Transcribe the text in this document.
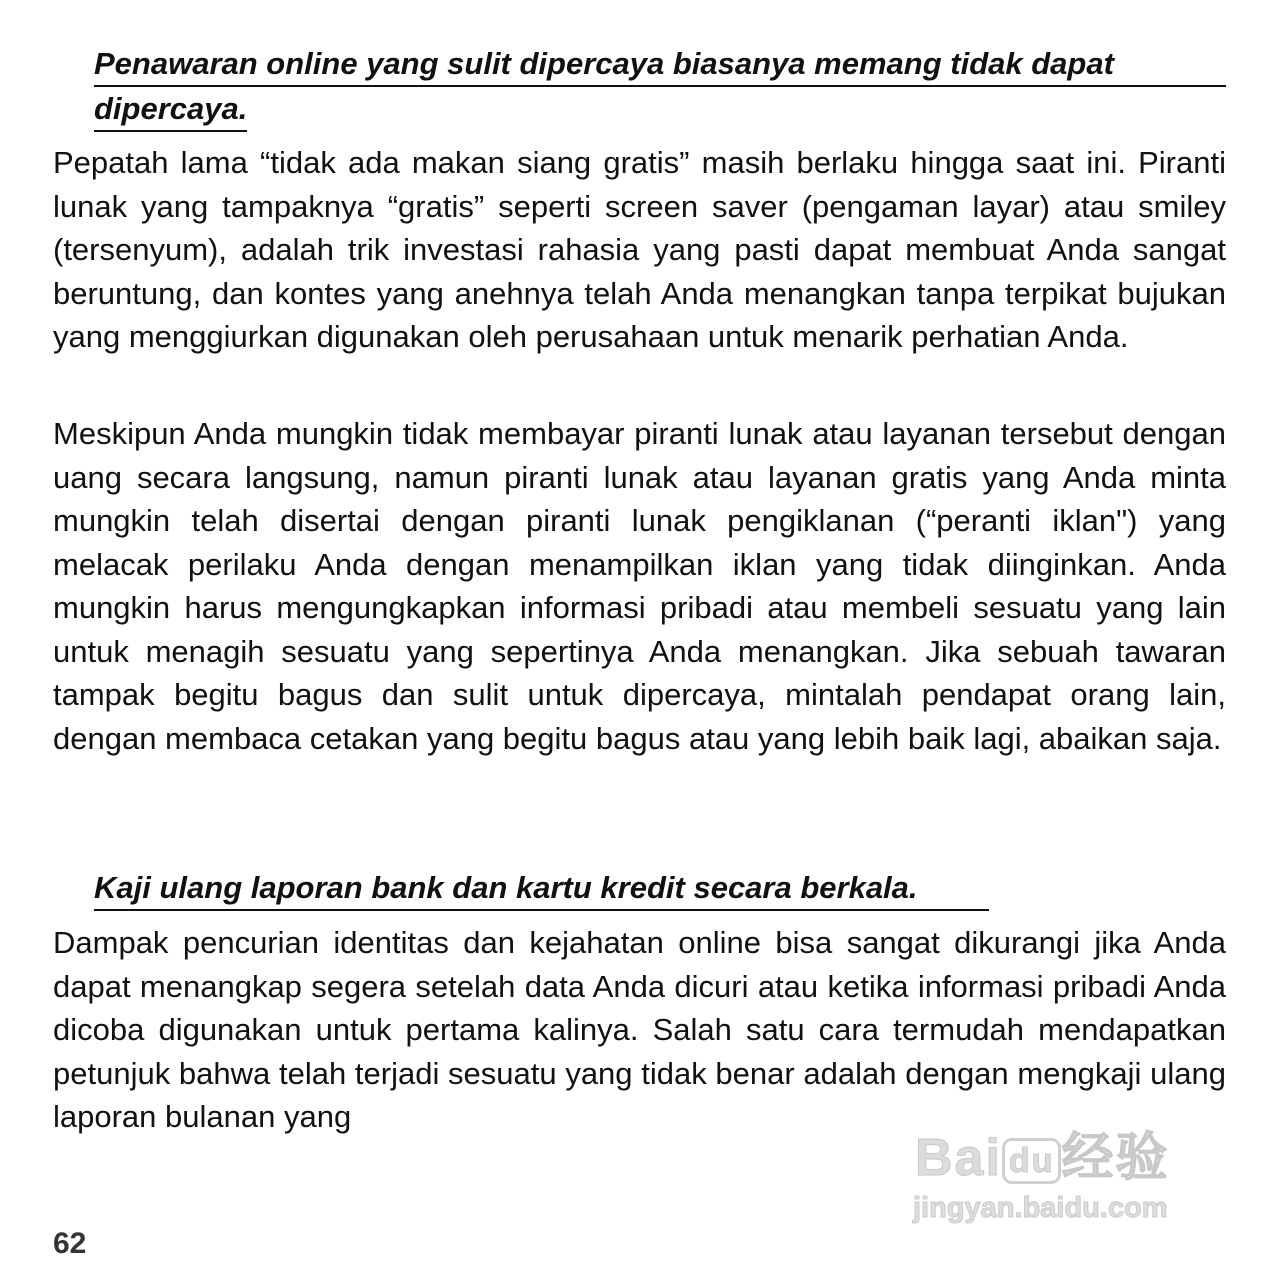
Penawaran online yang sulit dipercaya biasanya memang tidak dapat
dipercaya.

Pepatah lama “tidak ada makan siang gratis” masih berlaku hingga saat ini. Piranti lunak yang tampaknya “gratis” seperti screen saver (pengaman layar) atau smiley (tersenyum), adalah trik investasi rahasia yang pasti dapat membuat Anda sangat beruntung, dan kontes yang anehnya telah Anda menangkan tanpa terpikat bujukan yang menggiurkan digunakan oleh perusahaan untuk menarik perhatian Anda.

Meskipun Anda mungkin tidak membayar piranti lunak atau layanan tersebut dengan uang secara langsung, namun piranti lunak atau layanan gratis yang Anda minta mungkin telah disertai dengan piranti lunak pengiklanan (“peranti iklan") yang melacak perilaku Anda dengan menampilkan iklan yang tidak diinginkan. Anda mungkin harus mengungkapkan informasi pribadi atau membeli sesuatu yang lain untuk menagih sesuatu yang sepertinya Anda menangkan. Jika sebuah tawaran tampak begitu bagus dan sulit untuk dipercaya, mintalah pendapat orang lain, dengan membaca cetakan yang begitu bagus atau yang lebih baik lagi, abaikan saja.

Kaji ulang laporan bank dan kartu kredit secara berkala.

Dampak pencurian identitas dan kejahatan online bisa sangat dikurangi jika Anda dapat menangkap segera setelah data Anda dicuri atau ketika informasi pribadi Anda dicoba digunakan untuk pertama kalinya. Salah satu cara termudah mendapatkan petunjuk bahwa telah terjadi sesuatu yang tidak benar adalah dengan mengkaji ulang laporan bulanan yang

62
Bai du 经验
jingyan.baidu.com
